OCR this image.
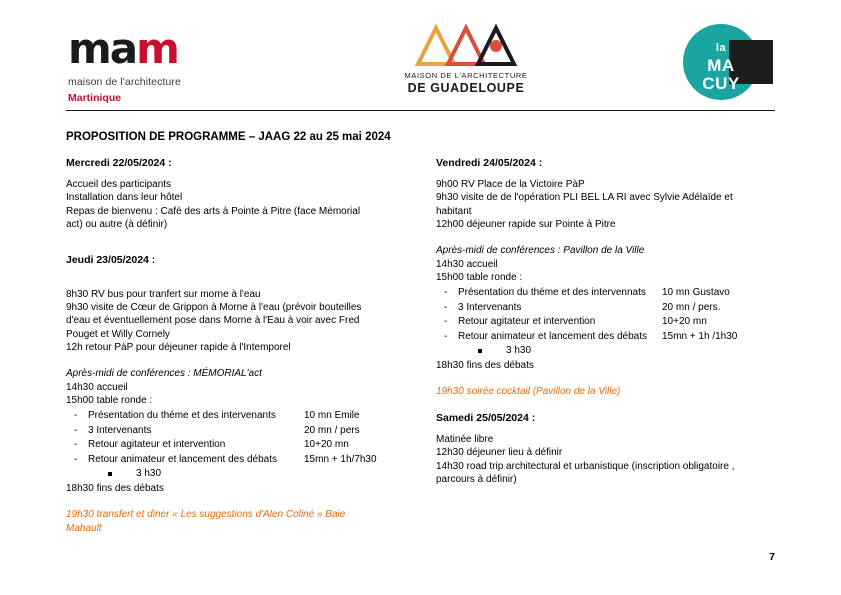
mam
maison de l'architecture
Martinique
MAISON DE L'ARCHITECTURE
DE GUADELOUPE
la
MA
CUY
PROPOSITION DE PROGRAMME – JAAG 22 au 25 mai 2024
Mercredi 22/05/2024 :

Accueil des participants

Installation dans leur hôtel

Repas de bienvenu : Café des arts à Pointe à Pitre (face Mémorial

act) ou autre (à définir)

Jeudi 23/05/2024 :

8h30 RV bus pour tranfert sur morne à l'eau

9h30 visite de Cœur de Grippon à Morne à l'eau (prévoir bouteilles

d'eau et éventuellement pose dans Morne à l'Eau à voir avec Fred

Pouget et Willy Cornely

12h retour PàP pour déjeuner rapide à l'Intemporel

Après-midi de conférences : MÉMORIAL'act

14h30 accueil

15h00 table ronde :

- Présentation du théme et des intervenants	10 mn Emile
- 3 Intervenants	20 mn / pers
- Retour agitateur et intervention	10+20 mn
- Retour animateur et lancement des débats	15mn + 1h/7h30
3 h30

18h30 fins des débats

19h30 transfert et diner « Les suggestions d'Alen Coliné » Baie

Mahault

Vendredi 24/05/2024 :

9h00 RV Place de la Victoire PàP

9h30 visite de de l'opération PLI BEL LA RI avec Sylvie Adélaïde et

habitant

12h00 déjeuner rapide sur Pointe à Pitre

Après-midi de conférences : Pavillon de la Ville

14h30 accueil

15h00 table ronde :

- Présentation du théme et des intervennats	10 mn Gustavo
- 3 Intervenants	20 mn / pers.
- Retour agitateur et intervention	10+20 mn
- Retour animateur et lancement des débats	15mn + 1h /1h30
3 h30

18h30 fins des débats

19h30 soirée cocktail (Pavillon de la Ville)

Samedi 25/05/2024 :

Matinée libre

12h30 déjeuner lieu à définir

14h30 road trip architectural et urbanistique (inscription obligatoire ,

parcours à définir)

7
